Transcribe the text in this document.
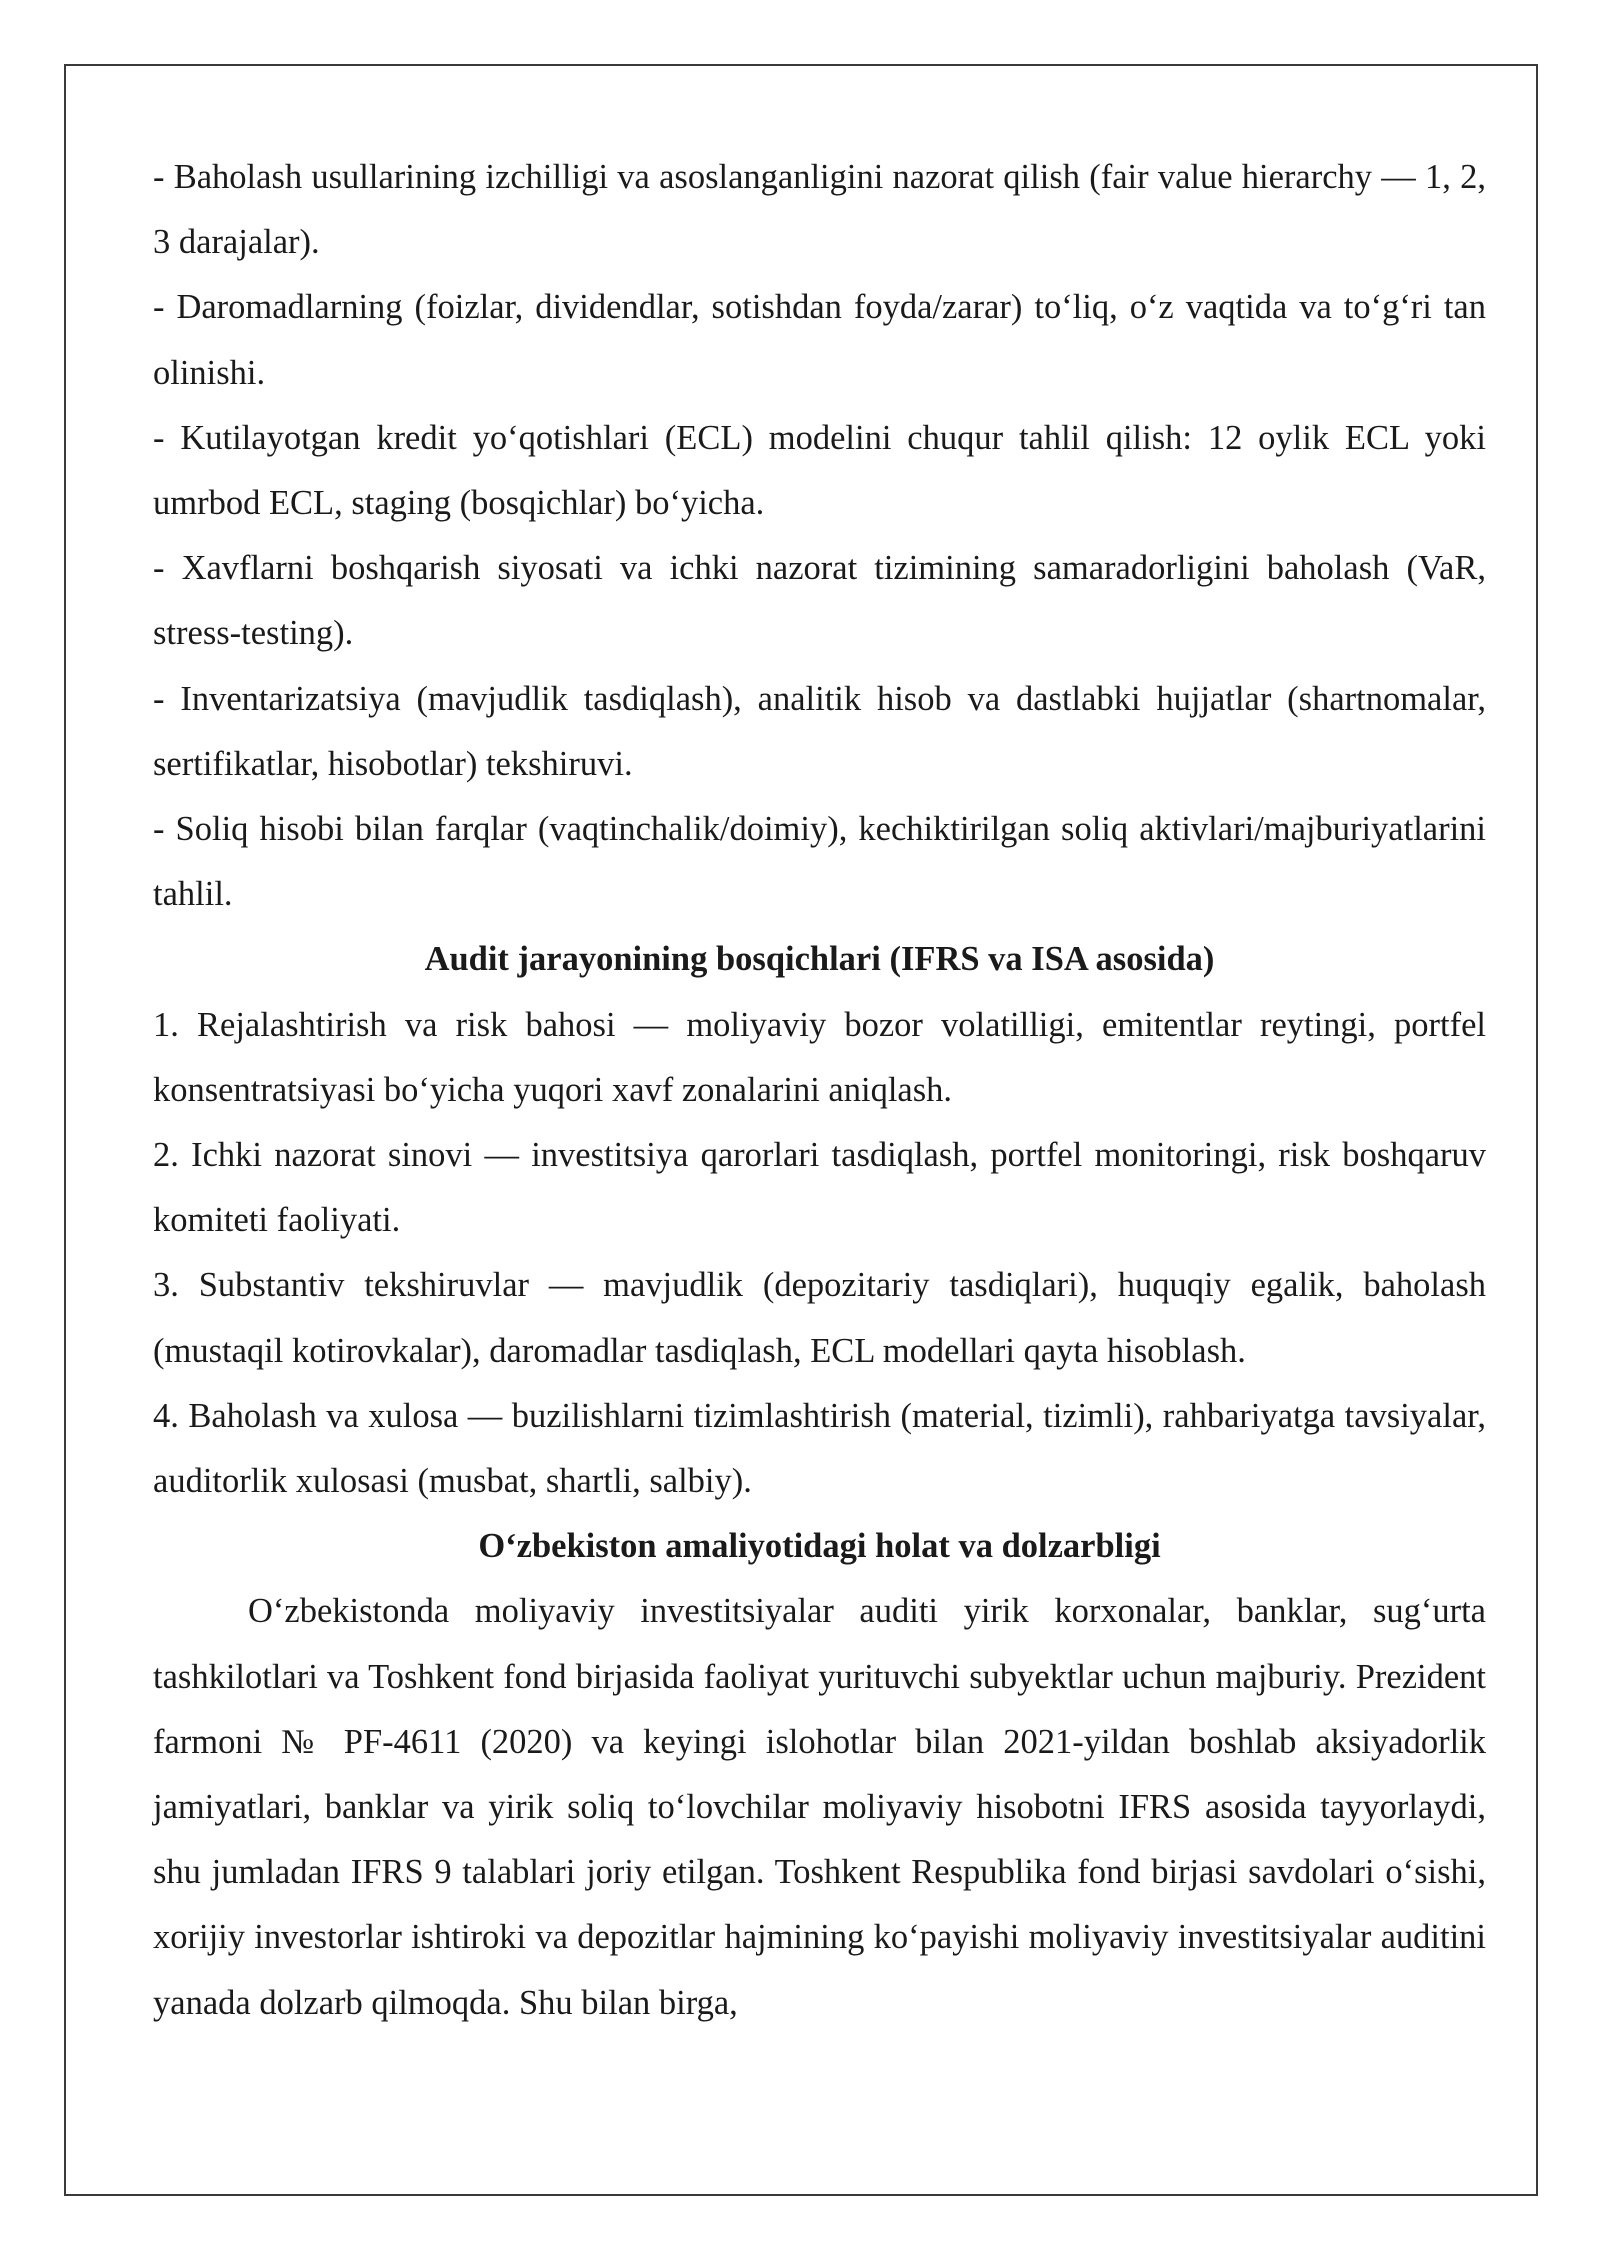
- Baholash usullarining izchilligi va asoslanganligini nazorat qilish (fair value hierarchy — 1, 2, 3 darajalar).

- Daromadlarning (foizlar, dividendlar, sotishdan foyda/zarar) to‘liq, o‘z vaqtida va to‘g‘ri tan olinishi.

- Kutilayotgan kredit yo‘qotishlari (ECL) modelini chuqur tahlil qilish: 12 oylik ECL yoki umrbod ECL, staging (bosqichlar) bo‘yicha.

- Xavflarni boshqarish siyosati va ichki nazorat tizimining samaradorligini baholash (VaR, stress-testing).

- Inventarizatsiya (mavjudlik tasdiqlash), analitik hisob va dastlabki hujjatlar (shartnomalar, sertifikatlar, hisobotlar) tekshiruvi.

- Soliq hisobi bilan farqlar (vaqtinchalik/doimiy), kechiktirilgan soliq aktivlari/majburiyatlarini tahlil.

Audit jarayonining bosqichlari (IFRS va ISA asosida)

1. Rejalashtirish va risk bahosi — moliyaviy bozor volatilligi, emitentlar reytingi, portfel konsentratsiyasi bo‘yicha yuqori xavf zonalarini aniqlash.

2. Ichki nazorat sinovi — investitsiya qarorlari tasdiqlash, portfel monitoringi, risk boshqaruv komiteti faoliyati.

3. Substantiv tekshiruvlar — mavjudlik (depozitariy tasdiqlari), huquqiy egalik, baholash (mustaqil kotirovkalar), daromadlar tasdiqlash, ECL modellari qayta hisoblash.

4. Baholash va xulosa — buzilishlarni tizimlashtirish (material, tizimli), rahbariyatga tavsiyalar, auditorlik xulosasi (musbat, shartli, salbiy).

O‘zbekiston amaliyotidagi holat va dolzarbligi

O‘zbekistonda moliyaviy investitsiyalar auditi yirik korxonalar, banklar, sug‘urta tashkilotlari va Toshkent fond birjasida faoliyat yurituvchi subyektlar uchun majburiy. Prezident farmoni № PF-4611 (2020) va keyingi islohotlar bilan 2021-yildan boshlab aksiyadorlik jamiyatlari, banklar va yirik soliq to‘lovchilar moliyaviy hisobotni IFRS asosida tayyorlaydi, shu jumladan IFRS 9 talablari joriy etilgan. Toshkent Respublika fond birjasi savdolari o‘sishi, xorijiy investorlar ishtiroki va depozitlar hajmining ko‘payishi moliyaviy investitsiyalar auditini yanada dolzarb qilmoqda. Shu bilan birga,
